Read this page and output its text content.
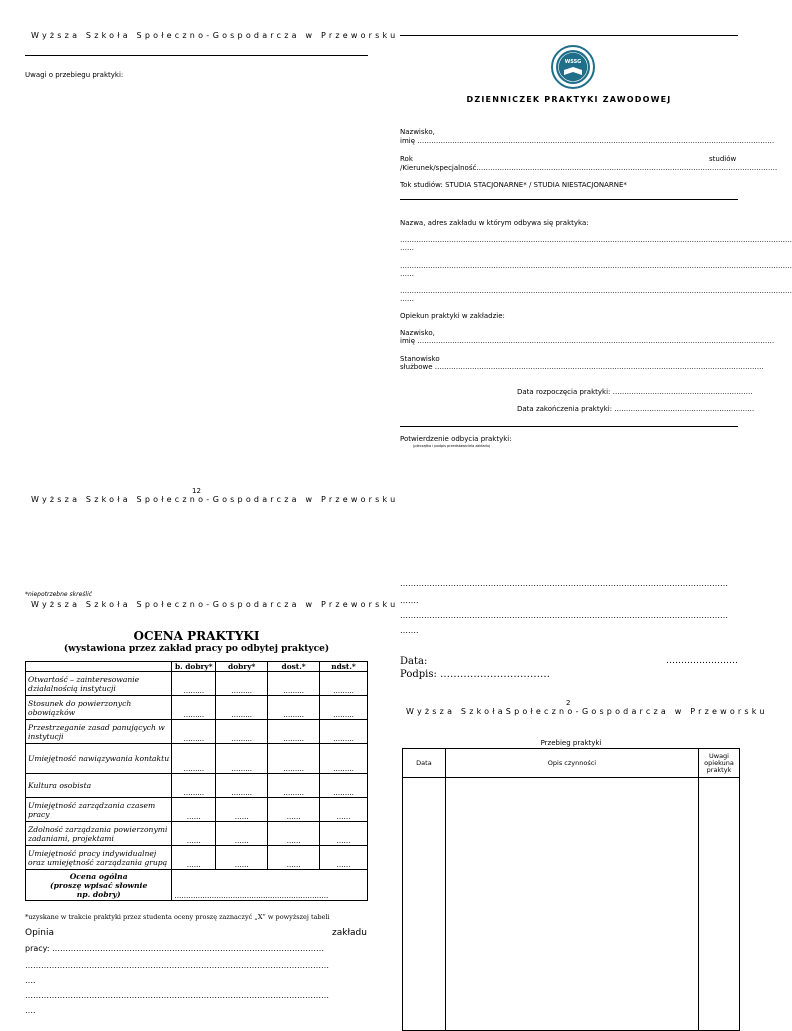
Wyższa Szkoła Społeczno-Gospodarcza w Przeworsku
Uwagi o przebiegu praktyki:
WSSG
DZIENNICZEK PRAKTYKI ZAWODOWEJ
Nazwisko,
imię ………………………………………………………………………………………………………………………………………
Rok	studiów
/Kierunek/specjalność…………………………………………………………………………………………………………………
Tok studiów: STUDIA STACJONARNE* / STUDIA NIESTACJONARNE*
Nazwa, adres zakładu w którym odbywa się praktyka:
……………………………………………………………………………………………………………………………………………………
……
……………………………………………………………………………………………………………………………………………………
……
……………………………………………………………………………………………………………………………………………………
……
Opiekun praktyki w zakładzie:
Nazwisko,
imię ………………………………………………………………………………………………………………………………………
Stanowisko
służbowe ……………………………………………………………………………………………………………………………
Data rozpoczęcia praktyki: ……………………………………………………
Data zakończenia praktyki: ……………………………………………………
Potwierdzenie odbycia praktyki:
(pieczątka i podpis przedstawiciela zakładu)
12
Wyższa Szkoła Społeczno-Gospodarcza w Przeworsku
*niepotrzebne skreślić
Wyższa Szkoła Społeczno-Gospodarcza w Przeworsku
OCENA PRAKTYKI
(wystawiona przez zakład pracy po odbytej praktyce)
	b. dobry*	dobry*	dost.*	ndst.*
Otwartość – zainteresowanie działalnością instytucji	……...	……...	……...	……...
Stosunek do powierzonych obowiązków	……...	……...	……...	……...
Przestrzeganie zasad panujących w instytucji	……...	……...	……...	……...
Umiejętność nawiązywania kontaktu	……...	……...	……...	……...
Kultura osobista	……...	……...	……...	……...
Umiejętność zarządzania czasem pracy	……	……	……	……
Zdolność zarządzania powierzonymi zadaniami, projektami	……	……	……	……
Umiejętność pracy indywidualnej oraz umiejętność zarządzania grupą	……	……	……	……

Ocena ogólna
(proszę wpisać słownie
np. dobry)	…………………………………………………………			
*uzyskane w trakcie praktyki przez studenta oceny proszę zaznaczyć „X” w powyższej tabeli
Opinia	zakładu
pracy: …………………………………………………………………………………………
……………………………………………………………………………………………………
….
……………………………………………………………………………………………………
….
……………………………………………………………………………………………………………
…….
……………………………………………………………………………………………………………
…….
Data:	……………………
Podpis: ……………………………
2
Wyższa SzkołaSpołeczno-Gospodarcza w Przeworsku
Przebieg praktyki
Data	Opis czynności	Uwagi
opiekuna
praktyk
